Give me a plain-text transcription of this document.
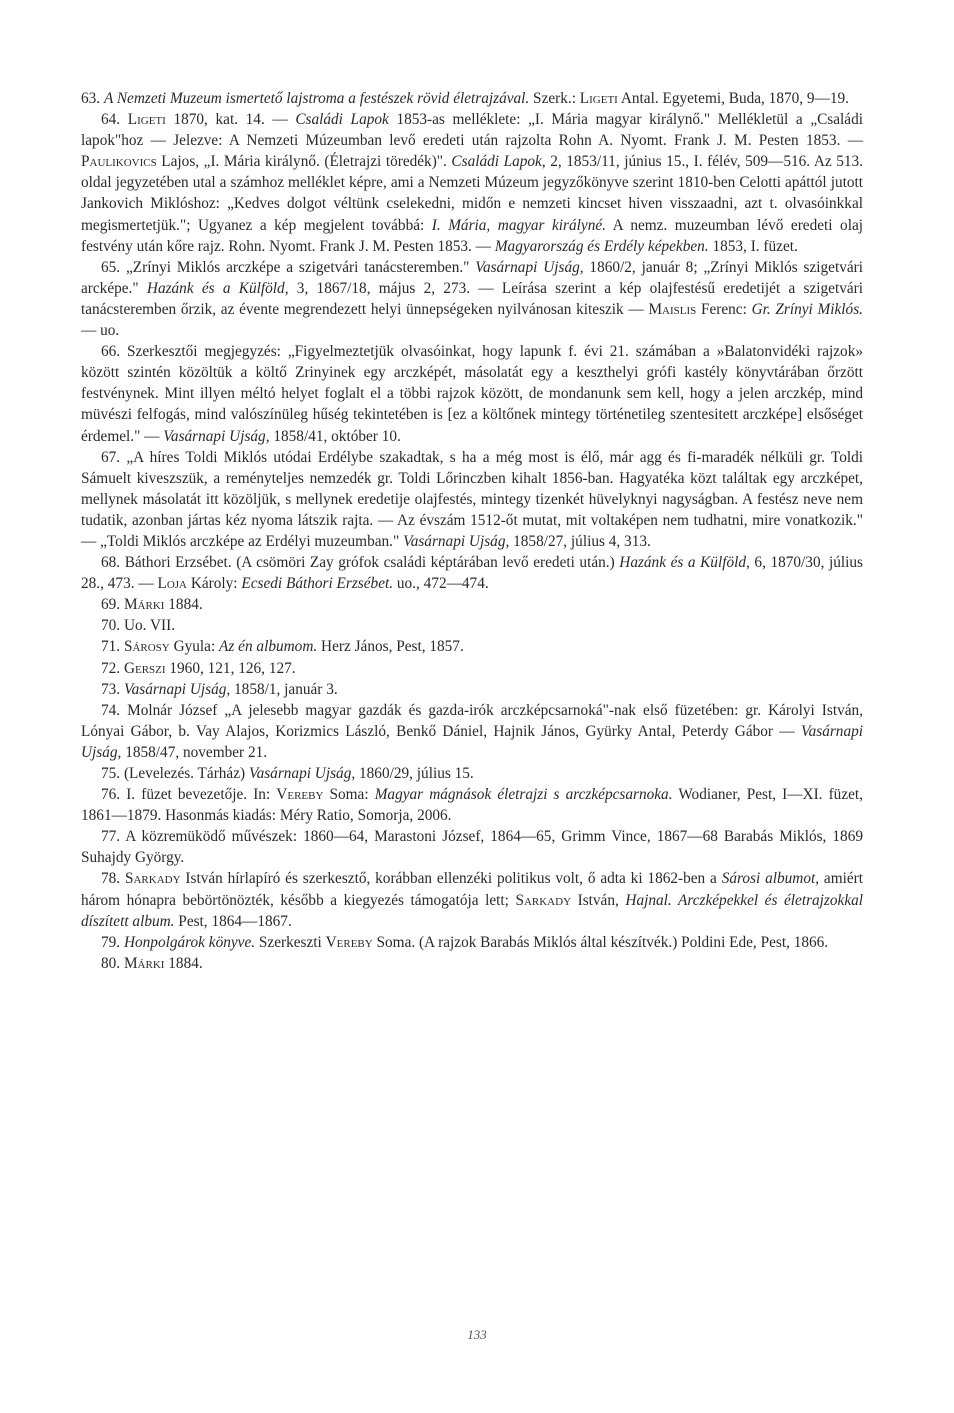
63. A Nemzeti Muzeum ismertető lajstroma a festészek rövid életrajzával. Szerk.: Ligeti Antal. Egyetemi, Buda, 1870, 9—19.

64. Ligeti 1870, kat. 14. — Családi Lapok 1853-as melléklete: „I. Mária magyar királynő." Mellékletül a „Családi lapok"hoz — Jelezve: A Nemzeti Múzeumban levő eredeti után rajzolta Rohn A. Nyomt. Frank J. M. Pesten 1853. — Paulikovics Lajos, „I. Mária királynő. (Életrajzi töredék)". Családi Lapok, 2, 1853/11, június 15., I. félév, 509—516. Az 513. oldal jegyzetében utal a számhoz melléklet képre, ami a Nemzeti Múzeum jegyzőkönyve szerint 1810-ben Celotti apáttól jutott Jankovich Miklóshoz: „Kedves dolgot véltünk cselekedni, midőn e nemzeti kincset hiven visszaadni, azt t. olvasóinkkal megismertetjük."; Ugyanez a kép megjelent továbbá: I. Mária, magyar királyné. A nemz. muzeumban lévő eredeti olaj festvény után kőre rajz. Rohn. Nyomt. Frank J. M. Pesten 1853. — Magyarország és Erdély képekben. 1853, I. füzet.

65. „Zrínyi Miklós arczképe a szigetvári tanácsteremben." Vasárnapi Ujság, 1860/2, január 8; „Zrínyi Miklós szigetvári arcképe." Hazánk és a Külföld, 3, 1867/18, május 2, 273. — Leírása szerint a kép olajfestésű eredetijét a szigetvári tanácsteremben őrzik, az évente megrendezett helyi ünnepségeken nyilvánosan kiteszik — Maislis Ferenc: Gr. Zrínyi Miklós. — uo.

66. Szerkesztői megjegyzés: „Figyelmeztetjük olvasóinkat, hogy lapunk f. évi 21. számában a »Balatonvidéki rajzok» között szintén közöltük a költő Zrinyinek egy arczképét, másolatát egy a keszthelyi grófi kastély könyvtárában őrzött festvénynek. Mint illyen méltó helyet foglalt el a többi rajzok között, de mondanunk sem kell, hogy a jelen arczkép, mind müvészi felfogás, mind valószínüleg hűség tekintetében is [ez a költőnek mintegy történetileg szentesitett arczképe] elsőséget érdemel." — Vasárnapi Ujság, 1858/41, október 10.

67. „A híres Toldi Miklós utódai Erdélybe szakadtak, s ha a még most is élő, már agg és fi-maradék nélküli gr. Toldi Sámuelt kiveszszük, a reményteljes nemzedék gr. Toldi Lőrinczben kihalt 1856-ban. Hagyatéka közt találtak egy arczképet, mellynek másolatát itt közöljük, s mellynek eredetije olajfestés, mintegy tizenkét hüvelyknyi nagyságban. A festész neve nem tudatik, azonban jártas kéz nyoma látszik rajta. — Az évszám 1512-őt mutat, mit voltaképen nem tudhatni, mire vonatkozik." — „Toldi Miklós arczképe az Erdélyi muzeumban." Vasárnapi Ujság, 1858/27, július 4, 313.

68. Báthori Erzsébet. (A csömöri Zay grófok családi képtárában levő eredeti után.) Hazánk és a Külföld, 6, 1870/30, július 28., 473. — Loja Károly: Ecsedi Báthori Erzsébet. uo., 472—474.

69. Márki 1884.

70. Uo. VII.

71. Sárosy Gyula: Az én albumom. Herz János, Pest, 1857.

72. Gerszi 1960, 121, 126, 127.

73. Vasárnapi Ujság, 1858/1, január 3.

74. Molnár József „A jelesebb magyar gazdák és gazda-irók arczképcsarnoká"-nak első füzetében: gr. Károlyi István, Lónyai Gábor, b. Vay Alajos, Korizmics László, Benkő Dániel, Hajnik János, Gyürky Antal, Peterdy Gábor — Vasárnapi Ujság, 1858/47, november 21.

75. (Levelezés. Tárház) Vasárnapi Ujság, 1860/29, július 15.

76. I. füzet bevezetője. In: Vereby Soma: Magyar mágnások életrajzi s arczképcsarnoka. Wodianer, Pest, I—XI. füzet, 1861—1879. Hasonmás kiadás: Méry Ratio, Somorja, 2006.

77. A közremüködő művészek: 1860—64, Marastoni József, 1864—65, Grimm Vince, 1867—68 Barabás Miklós, 1869 Suhajdy György.

78. Sarkady István hírlapíró és szerkesztő, korábban ellenzéki politikus volt, ő adta ki 1862-ben a Sárosi albumot, amiért három hónapra bebörtönözték, később a kiegyezés támogatója lett; Sarkady István, Hajnal. Arczképekkel és életrajzokkal díszített album. Pest, 1864—1867.

79. Honpolgárok könyve. Szerkeszti Vereby Soma. (A rajzok Barabás Miklós által készítvék.) Poldini Ede, Pest, 1866.

80. Márki 1884.

133
